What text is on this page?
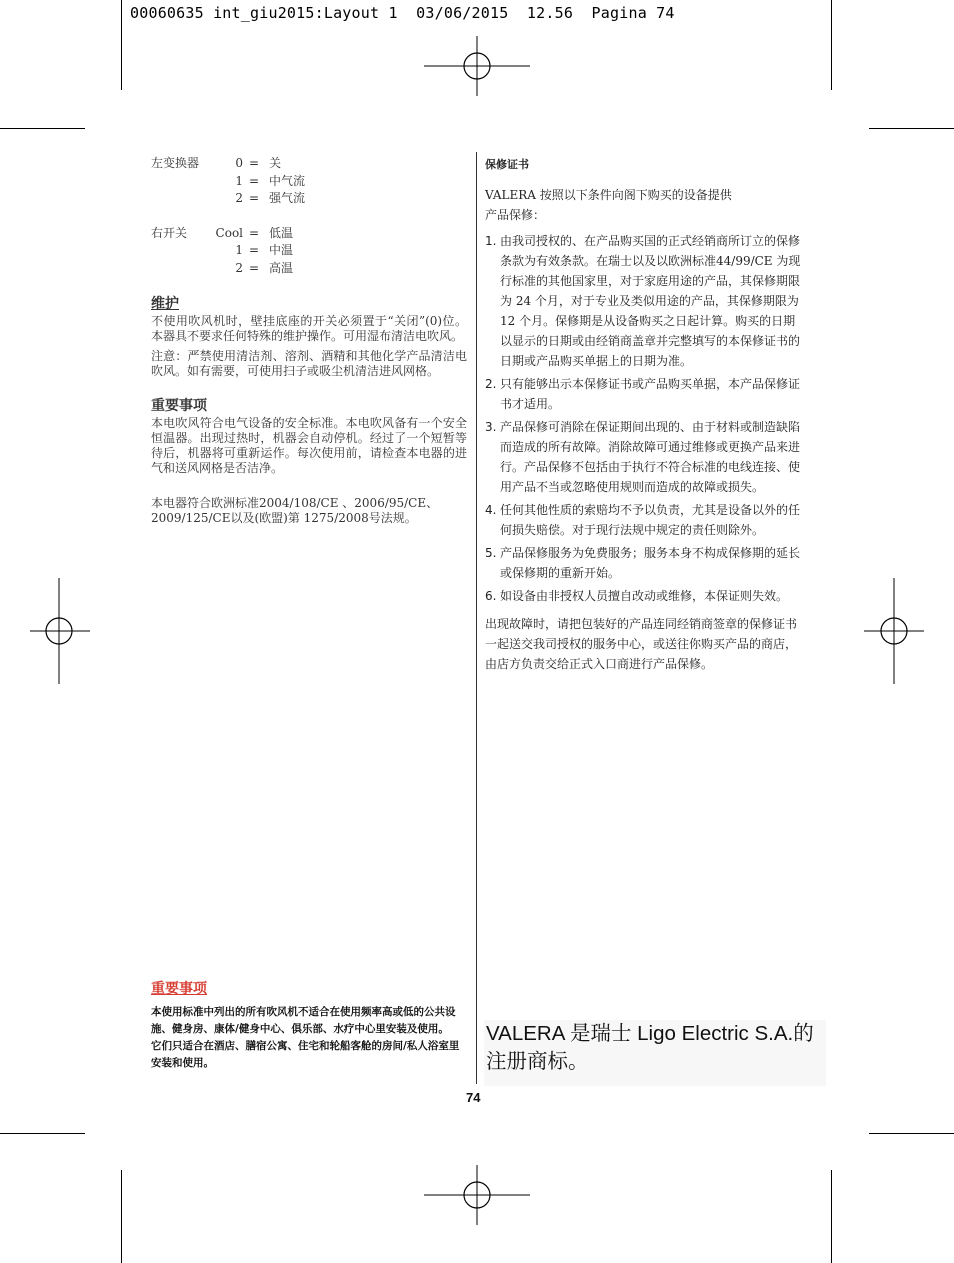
00060635 int_giu2015:Layout 1  03/06/2015  12.56  Pagina 74
左变换器	0 = 关
1 = 中气流
2 = 强气流
右开关	Cool = 低温
1 = 中温
2 = 高温
维护

不使用吹风机时，壁挂底座的开关必须置于“关闭”(0)位。本器具不要求任何特殊的维护操作。可用湿布清洁电吹风。

注意：严禁使用清洁剂、溶剂、酒精和其他化学产品清洁电吹风。如有需要，可使用扫子或吸尘机清洁进风网格。

重要事项

本电吹风符合电气设备的安全标准。本电吹风备有一个安全恒温器。出现过热时，机器会自动停机。经过了一个短暂等待后，机器将可重新运作。每次使用前，请检查本电器的进气和送风网格是否洁净。

本电器符合欧洲标准2004/108/CE 、2006/95/CE、2009/125/CE以及(欧盟)第 1275/2008号法规。

保修证书

VALERA 按照以下条件向阁下购买的设备提供产品保修：

1. 由我司授权的、在产品购买国的正式经销商所订立的保修条款为有效条款。在瑞士以及以欧洲标准44/99/CE 为现行标准的其他国家里，对于家庭用途的产品，其保修期限为 24 个月，对于专业及类似用途的产品，其保修期限为 12 个月。保修期是从设备购买之日起计算。购买的日期以显示的日期或由经销商盖章并完整填写的本保修证书的日期或产品购买单据上的日期为准。
2. 只有能够出示本保修证书或产品购买单据，本产品保修证书才适用。
3. 产品保修可消除在保证期间出现的、由于材料或制造缺陷而造成的所有故障。消除故障可通过维修或更换产品来进行。产品保修不包括由于执行不符合标准的电线连接、使用产品不当或忽略使用规则而造成的故障或损失。
4. 任何其他性质的索赔均不予以负责，尤其是设备以外的任何损失赔偿。对于现行法规中规定的责任则除外。
5. 产品保修服务为免费服务；服务本身不构成保修期的延长或保修期的重新开始。
6. 如设备由非授权人员擅自改动或维修，本保证则失效。

出现故障时，请把包装好的产品连同经销商签章的保修证书一起送交我司授权的服务中心，或送往你购买产品的商店，由店方负责交给正式入口商进行产品保修。

重要事项

本使用标准中列出的所有吹风机不适合在使用频率高或低的公共设施、健身房、康体/健身中心、俱乐部、水疗中心里安装及使用。

它们只适合在酒店、膳宿公寓、住宅和轮船客舱的房间/私人浴室里安装和使用。

VALERA 是瑞士 Ligo Electric S.A.的注册商标。
74
